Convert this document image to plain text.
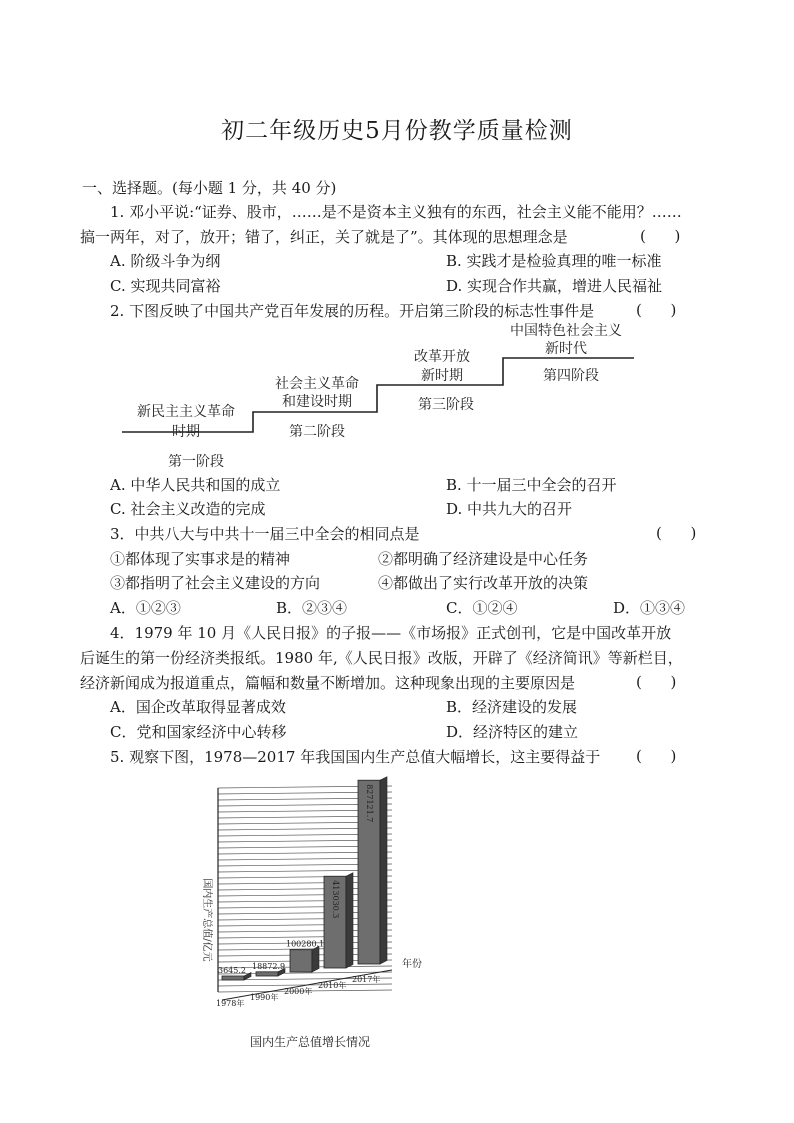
初二年级历史5月份教学质量检测
一、选择题。(每小题 1 分，共 40 分)
1. 邓小平说:“证券、股市，……是不是资本主义独有的东西，社会主义能不能用？……
搞一两年，对了，放开；错了，纠正，关了就是了”。其体现的思想理念是	(      )
A. 阶级斗争为纲	B. 实践才是检验真理的唯一标准
C. 实现共同富裕	D. 实现合作共赢，增进人民福祉
2. 下图反映了中国共产党百年发展的历程。开启第三阶段的标志性事件是	(      )
新民主主义革命
时期
第一阶段
社会主义革命
和建设时期
第二阶段
改革开放
新时期
第三阶段
中国特色社会主义
新时代
第四阶段
A. 中华人民共和国的成立	B. 十一届三中全会的召开
C. 社会主义改造的完成	D. 中共九大的召开
3．中共八大与中共十一届三中全会的相同点是	(      )
①都体现了实事求是的精神	②都明确了经济建设是中心任务
③都指明了社会主义建设的方向	④都做出了实行改革开放的决策
A．①②③	B．②③④	C．①②④	D．①③④
4．1979 年 10 月《人民日报》的子报——《市场报》正式创刊，它是中国改革开放
后诞生的第一份经济类报纸。1980 年,《人民日报》改版，开辟了《经济简讯》等新栏目，
经济新闻成为报道重点，篇幅和数量不断增加。这种现象出现的主要原因是	(      )
A．国企改革取得显著成效	B．经济建设的发展
C．党和国家经济中心转移	D．经济特区的建立
5. 观察下图，1978—2017 年我国国内生产总值大幅增长，这主要得益于 (      )
3645.2 18872.9
100280.1
413030.3
827121.7
1978年
1990年
2000年
2010年
2017年
国内生产总值/亿元
年份
国内生产总值增长情况
